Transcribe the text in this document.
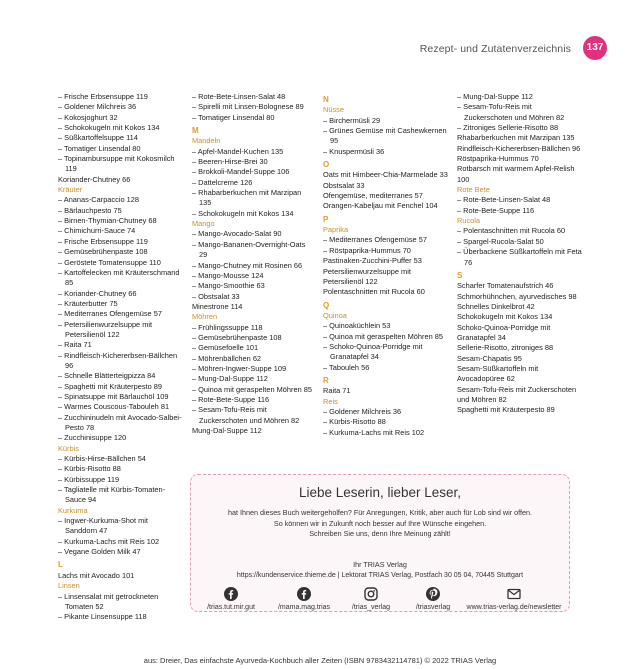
Rezept- und Zutatenverzeichnis	137
– Frische Erbsensuppe 119
– Goldener Milchreis 36
– Kokosjoghurt 32
– Schokokugeln mit Kokos 134
– Süßkartoffelsuppe 114
– Tomatiger Linsendal 80
– Topinambursuppe mit Kokosmilch 119
Koriander-Chutney 66
Kräuter
– Ananas-Carpaccio 128
– Bärlauchpesto 75
– Birnen-Thymian-Chutney 68
– Chimichurri-Sauce 74
– Frische Erbsensuppe 119
– Gemüsebrühenpaste 108
– Geröstete Tomatensuppe 110
– Kartoffelecken mit Kräuterschmand 85
– Koriander-Chutney 66
– Kräuterbutter 75
– Mediterranes Ofengemüse 57
– Petersilienwurzelsuppe mit Petersilienöl 122
– Raita 71
– Rindfleisch-Kichererbsen-Bällchen 96
– Schnelle Blätterteigpizza 84
– Spaghetti mit Kräuterpesto 89
– Spinatsuppe mit Bärlauchöl 109
– Warmes Couscous-Tabouleh 81
– Zucchininudeln mit Avocado-Salbei-Pesto 78
– Zucchinisuppe 120
Kürbis
– Kürbis-Hirse-Bällchen 54
– Kürbis-Risotto 88
– Kürbissuppe 119
– Tagliatelle mit Kürbis-Tomaten-Sauce 94
Kurkuma
– Ingwer-Kurkuma-Shot mit Sanddorn 47
– Kurkuma-Lachs mit Reis 102
– Vegane Golden Milk 47
L
Lachs mit Avocado 101
Linsen
– Linsensalat mit getrockneten Tomaten 52
– Pikante Linsensuppe 118
– Rote-Bete-Linsen-Salat 48
– Spirelli mit Linsen-Bolognese 89
– Tomatiger Linsendal 80
M
Mandeln
– Apfel-Mandel-Kuchen 135
– Beeren-Hirse-Brei 30
– Brokkoli-Mandel-Suppe 106
– Dattelcreme 126
– Rhabarberkuchen mit Marzipan 135
– Schokokugeln mit Kokos 134
Mango
– Mango-Avocado-Salat 90
– Mango-Bananen-Overnight-Oats 29
– Mango-Chutney mit Rosinen 66
– Mango-Mousse 124
– Mango-Smoothie 63
– Obstsalat 33
Minestrone 114
Möhren
– Frühlingssuppe 118
– Gemüsebrühenpaste 108
– Gemüsefoelle 101
– Möhrenbällchen 62
– Möhren-Ingwer-Suppe 109
– Mung-Dal-Suppe 112
– Quinoa mit geraspelten Möhren 85
– Rote-Bete-Suppe 116
– Sesam-Tofu-Reis mit Zuckerschoten und Möhren 82
Mung-Dal-Suppe 112
N
Nüsse
– Birchermüsli 29
– Grünes Gemüse mit Cashewkernen 95
– Knuspermüsli 36
O
Oats mit Himbeer-Chia-Marmelade 33
Obstsalat 33
Ofengemüse, mediterranes 57
Orangen-Kabeljau mit Fenchel 104
P
Paprika
– Mediterranes Ofengemüse 57
– Röstpaprika-Hummus 70
Pastinaken-Zucchini-Puffer 53
Petersilienwurzelsuppe mit Petersilienöl 122
Polentaschnitten mit Rucola 60
Q
Quinoa
– Quinoaküchlein 53
– Quinoa mit geraspelten Möhren 85
– Schoko-Quinoa-Porridge mit Granatapfel 34
– Tabouleh 56
R
Raita 71
Reis
– Goldener Milchreis 36
– Kürbis-Risotto 88
– Kurkuma-Lachs mit Reis 102
– Mung-Dal-Suppe 112
– Sesam-Tofu-Reis mit Zuckerschoten und Möhren 82
– Zitroniges Sellerie-Risotto 88
Rhabarberkuchen mit Marzipan 135
Rindfleisch-Kichererbsen-Bällchen 96
Röstpaprika-Hummus 70
Rotbarsch mit warmem Apfel-Relish 100
Rote Bete
– Rote-Bete-Linsen-Salat 48
– Rote-Bete-Suppe 116
Rucola
– Polentaschnitten mit Rucola 60
– Spargel-Rucola-Salat 50
– Überbackene Süßkartoffeln mit Feta 76
S
Scharfer Tomatenaufstrich 46
Schmorhühnchen, ayurvedisches 98
Schnelles Dinkelbrot 42
Schokokugeln mit Kokos 134
Schoko-Quinoa-Porridge mit Granatapfel 34
Sellerie-Risotto, zitroniges 88
Sesam-Chapatis 95
Sesam-Süßkartoffeln mit Avocadopüree 62
Sesam-Tofu-Reis mit Zuckerschoten und Möhren 82
Spaghetti mit Kräuterpesto 89
Liebe Leserin, lieber Leser,
hat Ihnen dieses Buch weitergeholfen? Für Anregungen, Kritik, aber auch für Lob sind wir offen.
So können wir in Zukunft noch besser auf Ihre Wünsche eingehen.
Schreiben Sie uns, denn Ihre Meinung zählt!
Ihr TRIAS Verlag
https://kundenservice.thieme.de | Lektorat TRIAS Verlag, Postfach 30 05 04, 70445 Stuttgart
/trias.tut.mir.gut	/mama.mag.trias	/trias_verlag	/triasverlag	www.trias-verlag.de/newsletter
aus: Dreier, Das einfachste Ayurveda-Kochbuch aller Zeiten (ISBN 9783432114781) © 2022 TRIAS Verlag
